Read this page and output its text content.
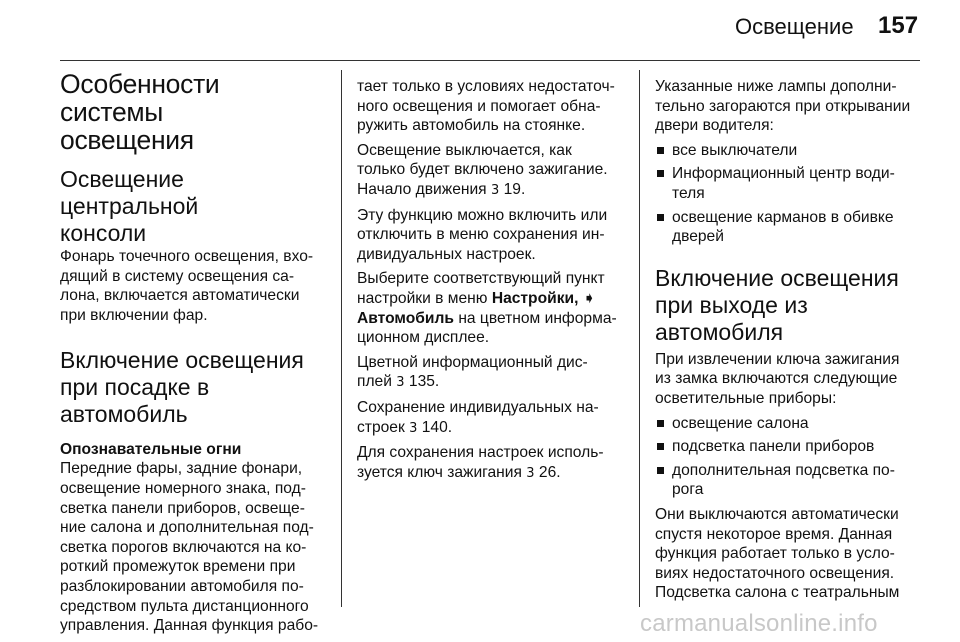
Освещение 157
Особенности системы
освещения
Освещение центральной
консоли

Фонарь точечного освещения, вхо-
дящий в систему освещения са-
лона, включается автоматически
при включении фар.

Включение освещения
при посадке в
автомобиль
Опознавательные огни

Передние фары, задние фонари,
освещение номерного знака, под-
светка панели приборов, освеще-
ние салона и дополнительная под-
светка порогов включаются на ко-
роткий промежуток времени при
разблокировании автомобиля по-
средством пульта дистанционного
управления. Данная функция рабо-

тает только в условиях недостаточ-
ного освещения и помогает обна-
ружить автомобиль на стоянке.

Освещение выключается, как
только будет включено зажигание.
Начало движения 3 19.

Эту функцию можно включить или
отключить в меню сохранения ин-
дивидуальных настроек.

Выберите соответствующий пункт
настройки в меню Настройки, ➧
Автомобиль на цветном информа-
ционном дисплее.

Цветной информационный дис-
плей 3 135.

Сохранение индивидуальных на-
строек 3 140.

Для сохранения настроек исполь-
зуется ключ зажигания 3 26.

Указанные ниже лампы дополни-
тельно загораются при открывании
двери водителя:

все выключатели
Информационный центр води-
теля
освещение карманов в обивке
дверей
Включение освещения
при выходе из
автомобиля

При извлечении ключа зажигания
из замка включаются следующие
осветительные приборы:

освещение салона
подсветка панели приборов
дополнительная подсветка по-
рога

Они выключаются автоматически
спустя некоторое время. Данная
функция работает только в усло-
виях недостаточного освещения.
Подсветка салона с театральным

carmanualsonline.info
